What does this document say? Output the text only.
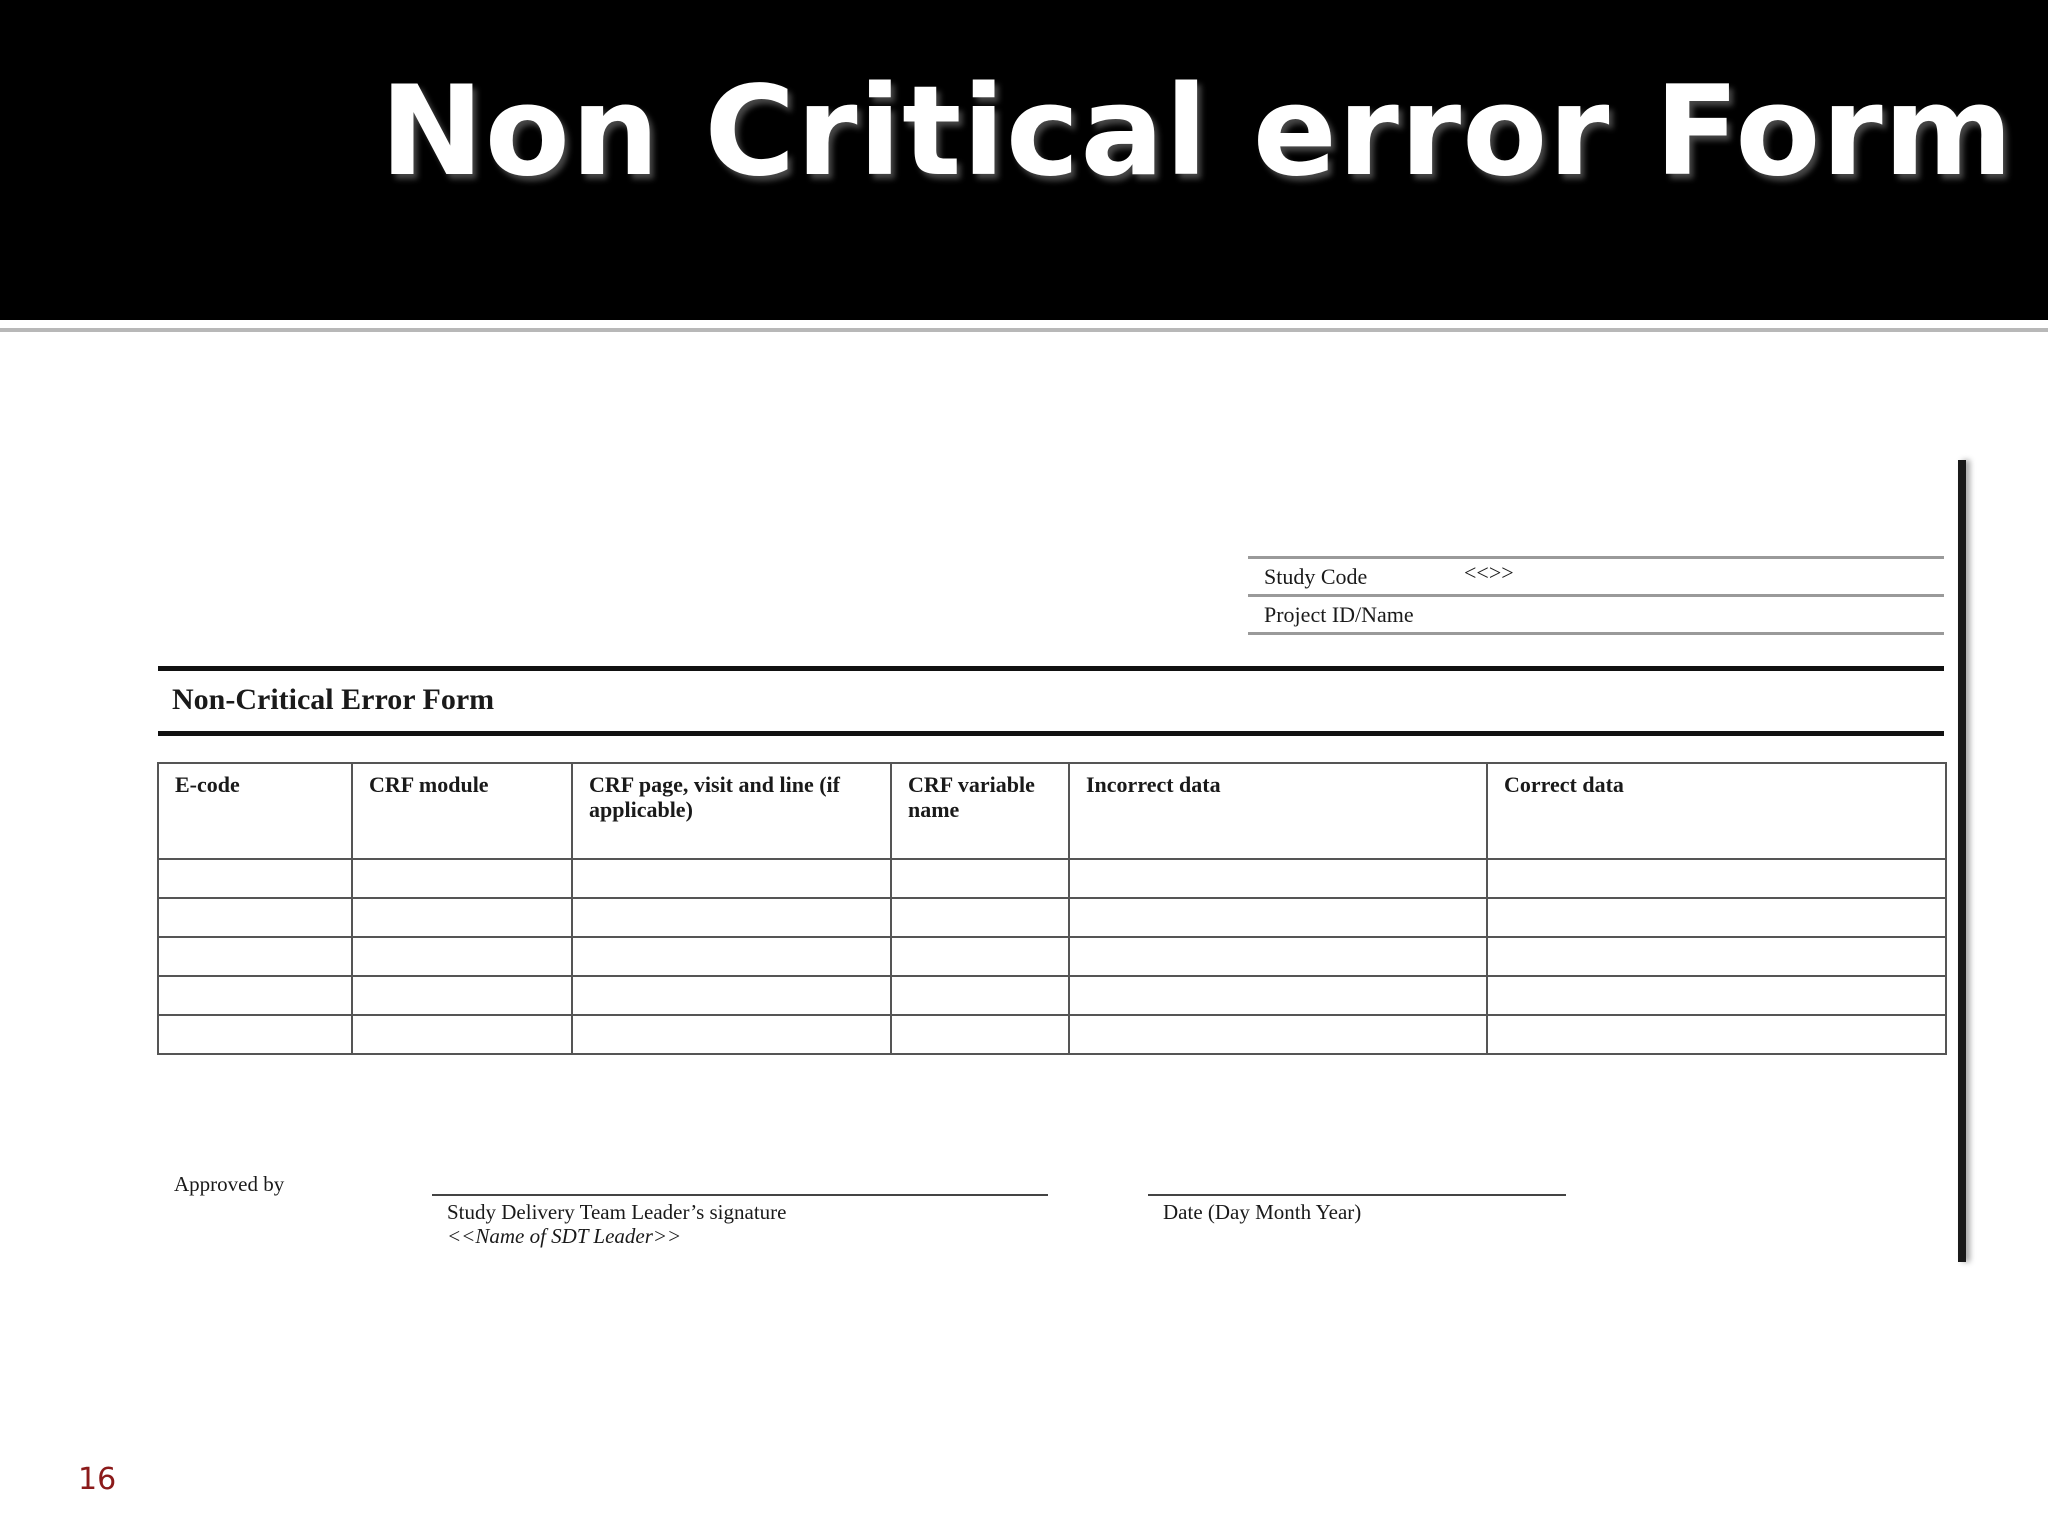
Non Critical error Form
Study Code	<<>>
Project ID/Name
Non-Critical Error Form
E-code	CRF module	CRF page, visit and line (if applicable)	CRF variable name	Incorrect data	Correct data

Approved by
Study Delivery Team Leader’s signature
<<Name of SDT Leader>>
Date (Day Month Year)
16
